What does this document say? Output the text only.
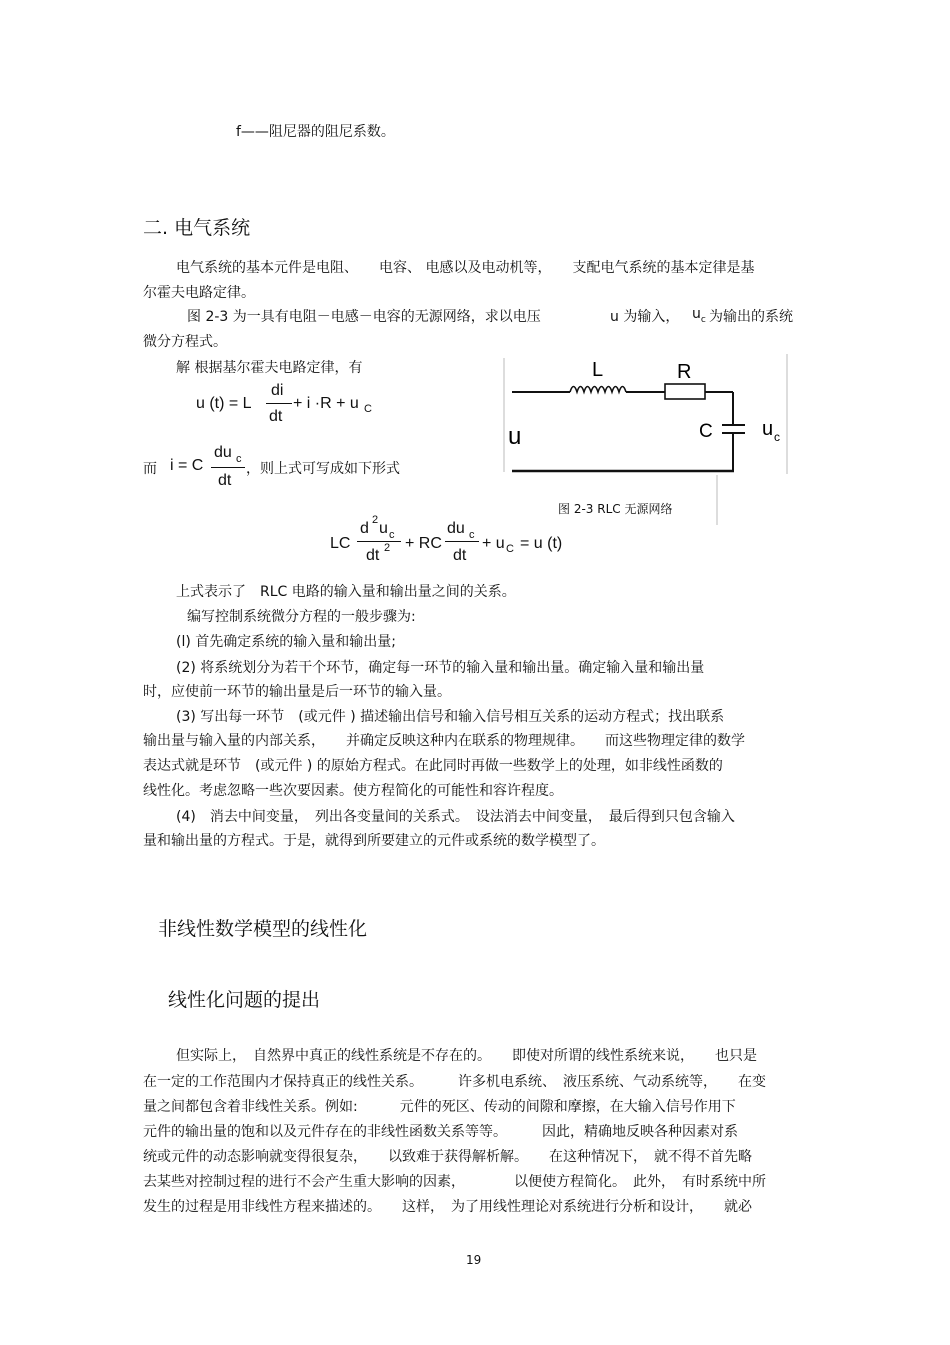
f——阻尼器的阻尼系数。
二. 电气系统
电气系统的基本元件是电阻、　　电容、 电感以及电动机等，　　支配电气系统的基本定律是基
尔霍夫电路定律。
图 2-3 为一具有电阻－电感－电容的无源网络，求以电压	u 为输入， $u_c$ 为输出的系统
微分方程式。
解 根据基尔霍夫电路定律，有
u (t) = L
di
dt
+ i ·R + u C
而 i = C
du c
dt
，则上式可写成如下形式
L	R
C
u	u c
图 2-3 RLC 无源网络
LC
d 2 u c
dt 2 + RC
du c
dt
+ u C = u (t)
上式表示了　RLC 电路的输入量和输出量之间的关系。
编写控制系统微分方程的一般步骤为:
(l) 首先确定系统的输入量和输出量;
(2) 将系统划分为若干个环节，确定每一环节的输入量和输出量。确定输入量和输出量
时，应使前一环节的输出量是后一环节的输入量。
(3) 写出每一环节　(或元件 ) 描述输出信号和输入信号相互关系的运动方程式；找出联系
输出量与输入量的内部关系，　　并确定反映这种内在联系的物理规律。　　而这些物理定律的数学
表达式就是环节　(或元件 ) 的原始方程式。在此同时再做一些数学上的处理，如非线性函数的
线性化。考虑忽略一些次要因素。使方程简化的可能性和容许程度。
(4)　消去中间变量，　列出各变量间的关系式。　设法消去中间变量，　最后得到只包含输入
量和输出量的方程式。于是，就得到所要建立的元件或系统的数学模型了。
非线性数学模型的线性化
线性化问题的提出
但实际上，　自然界中真正的线性系统是不存在的。　　即使对所谓的线性系统来说，　　也只是
在一定的工作范围内才保持真正的线性关系。　　　许多机电系统、　液压系统、气动系统等，　　在变
量之间都包含着非线性关系。例如:　　　元件的死区、传动的间隙和摩擦，在大输入信号作用下
元件的输出量的饱和以及元件存在的非线性函数关系等等。　　　因此，精确地反映各种因素对系
统或元件的动态影响就变得很复杂，　　以致难于获得解析解。　　在这种情况下，　就不得不首先略
去某些对控制过程的进行不会产生重大影响的因素，　　　　以便使方程简化。　此外，　有时系统中所
发生的过程是用非线性方程来描述的。　　这样，　为了用线性理论对系统进行分析和设计，　　就必
19
